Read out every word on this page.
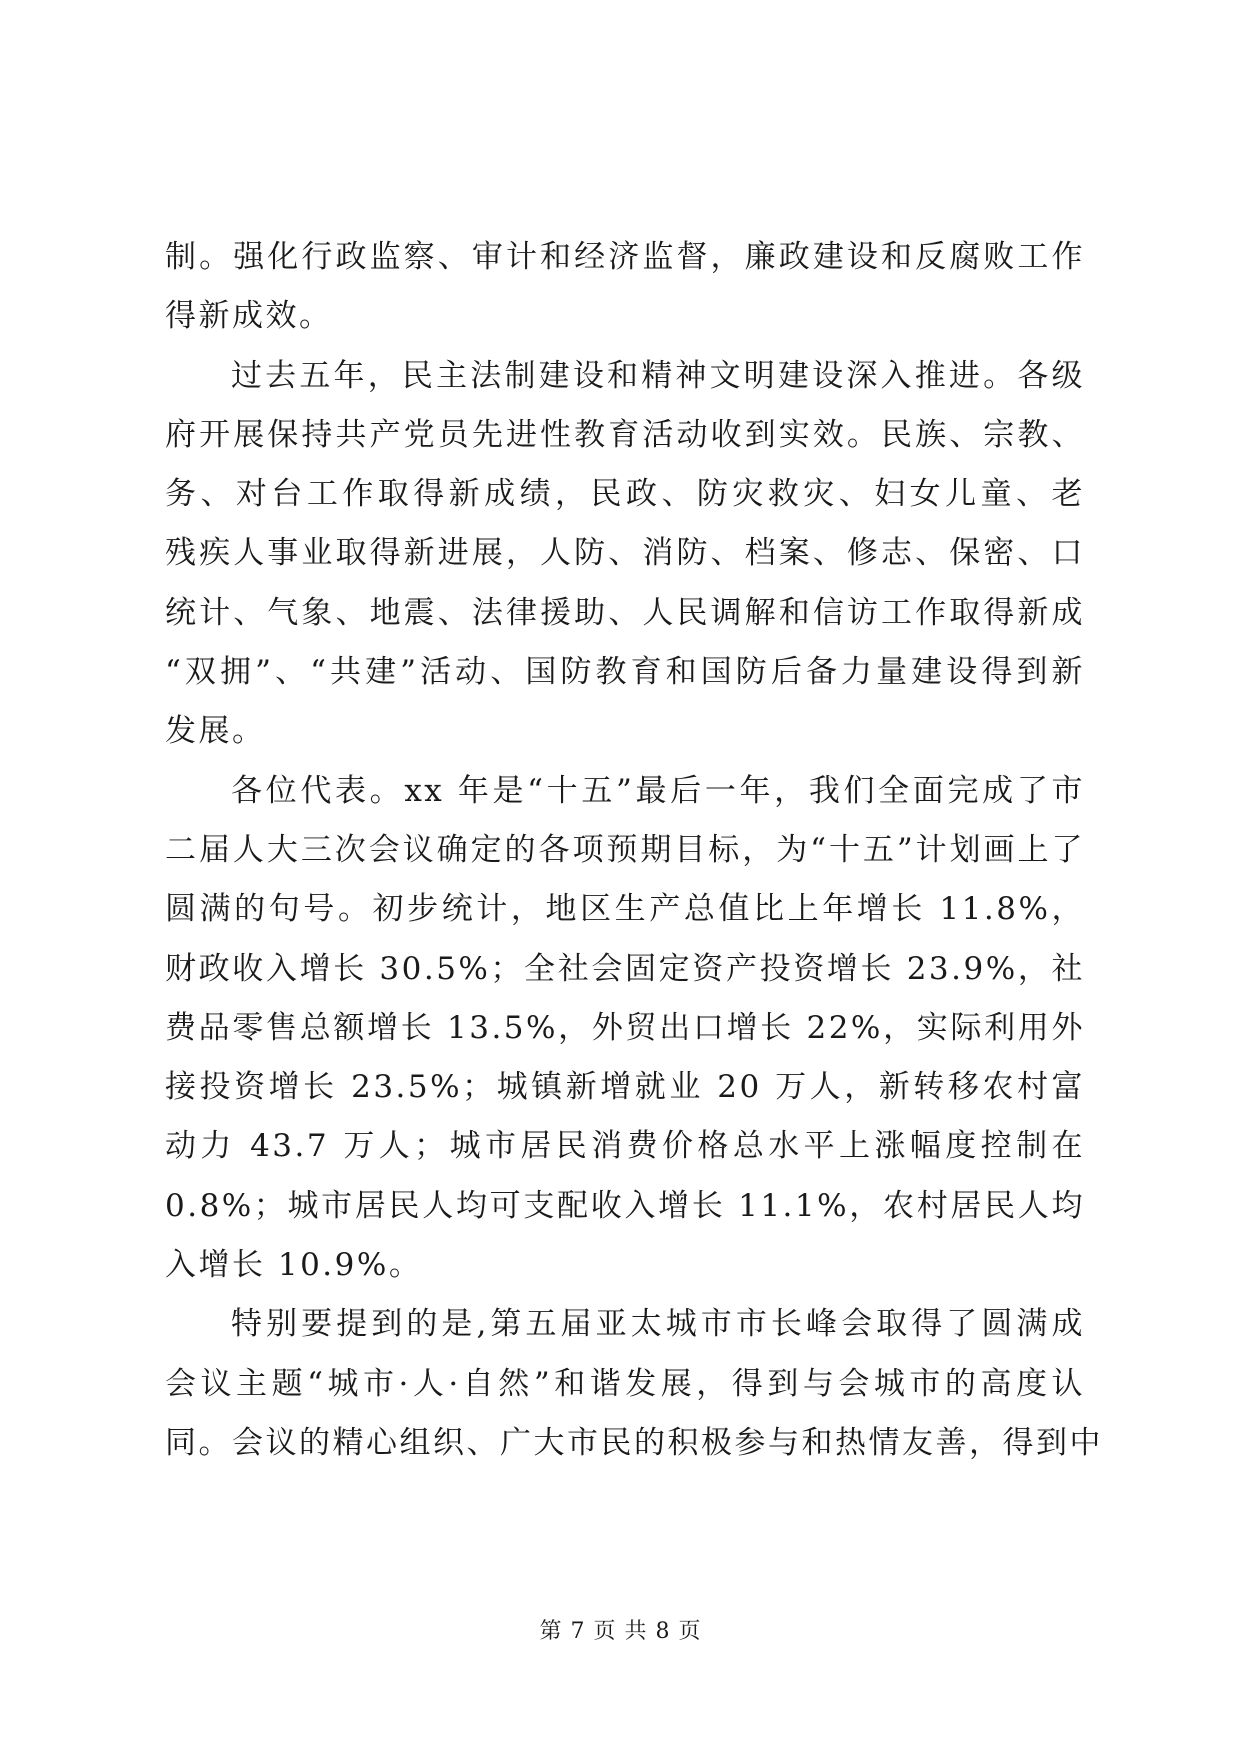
制。强化行政监察、审计和经济监督，廉政建设和反腐败工作
得新成效。
过去五年，民主法制建设和精神文明建设深入推进。各级
府开展保持共产党员先进性教育活动收到实效。民族、宗教、
务、对台工作取得新成绩，民政、防灾救灾、妇女儿童、老
残疾人事业取得新进展，人防、消防、档案、修志、保密、口
统计、气象、地震、法律援助、人民调解和信访工作取得新成
“双拥”、“共建”活动、国防教育和国防后备力量建设得到新
发展。
各位代表。xx 年是“十五”最后一年，我们全面完成了市
二届人大三次会议确定的各项预期目标，为“十五”计划画上了
圆满的句号。初步统计，地区生产总值比上年增长 11.8%，
财政收入增长 30.5%；全社会固定资产投资增长 23.9%，社
费品零售总额增长 13.5%，外贸出口增长 22%，实际利用外
接投资增长 23.5%；城镇新增就业 20 万人，新转移农村富
动力 43.7 万人；城市居民消费价格总水平上涨幅度控制在
0.8%；城市居民人均可支配收入增长 11.1%，农村居民人均
入增长 10.9%。
特别要提到的是,第五届亚太城市市长峰会取得了圆满成
会议主题“城市·人·自然”和谐发展，得到与会城市的高度认
同。会议的精心组织、广大市民的积极参与和热情友善，得到中
第 7 页 共 8 页
